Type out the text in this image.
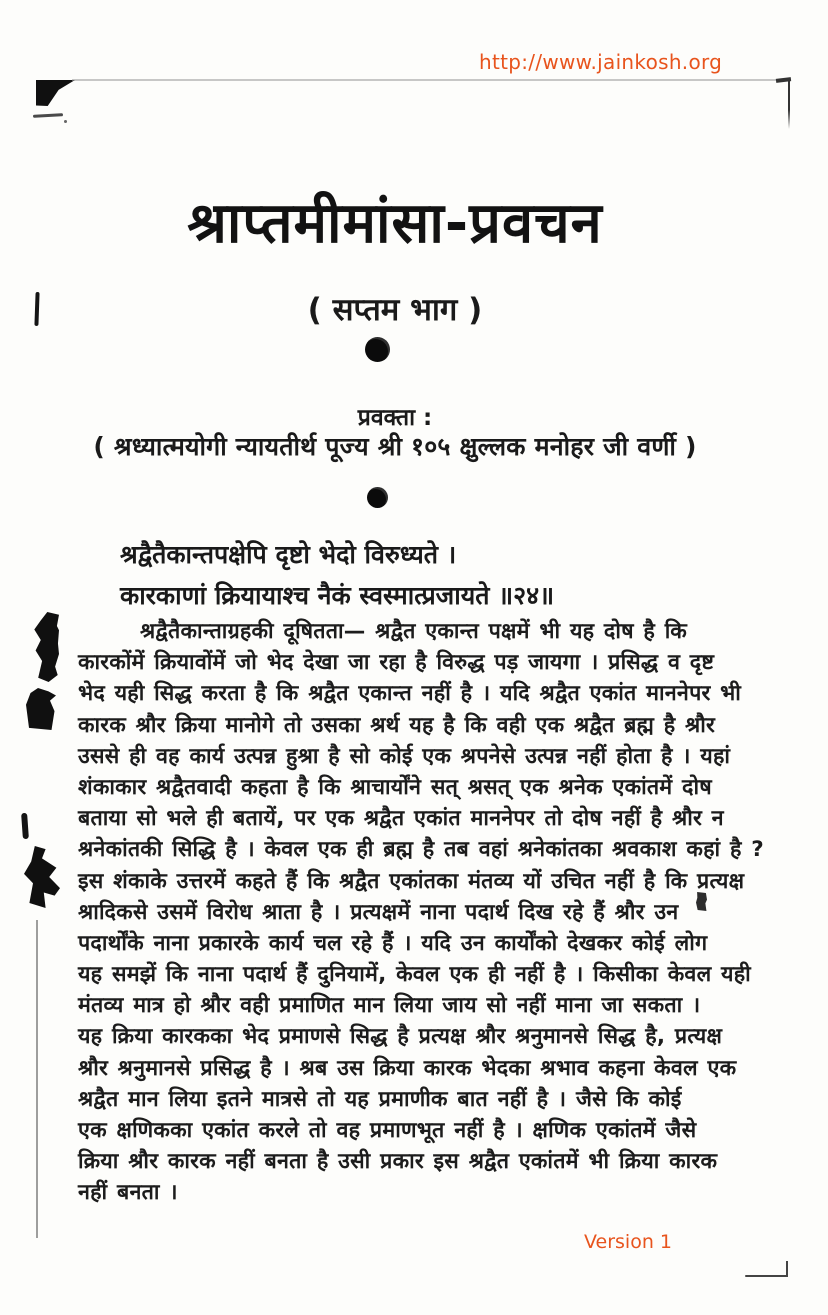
http://www.jainkosh.org
श्राप्तमीमांसा-प्रवचन
( सप्तम भाग )
प्रवक्ता :
( श्रध्यात्मयोगी न्यायतीर्थ पूज्य श्री १०५ क्षुल्लक मनोहर जी वर्णी )
श्रद्वैतैकान्तपक्षेपि दृष्टो भेदो विरुध्यते ।
कारकाणां क्रियायाश्च नैकं स्वस्मात्प्रजायते ॥२४॥
श्रद्वैतैकान्ताग्रहकी दूषितता— श्रद्वैत एकान्त पक्षमें भी यह दोष है कि
कारकोंमें क्रियावोंमें जो भेद देखा जा रहा है विरुद्ध पड़ जायगा । प्रसिद्ध व दृष्ट
भेद यही सिद्ध करता है कि श्रद्वैत एकान्त नहीं है । यदि श्रद्वैत एकांत माननेपर भी
कारक श्रौर क्रिया मानोगे तो उसका श्रर्थ यह है कि वही एक श्रद्वैत ब्रह्म है श्रौर
उससे ही वह कार्य उत्पन्न हुश्रा है सो कोई एक श्रपनेसे उत्पन्न नहीं होता है । यहां
शंकाकार श्रद्वैतवादी कहता है कि श्राचार्योंने सत् श्रसत् एक श्रनेक एकांतमें दोष
बताया सो भले ही बतायें, पर एक श्रद्वैत एकांत माननेपर तो दोष नहीं है श्रौर न
श्रनेकांतकी सिद्धि है । केवल एक ही ब्रह्म है तब वहां श्रनेकांतका श्रवकाश कहां है ?
इस शंकाके उत्तरमें कहते हैं कि श्रद्वैत एकांतका मंतव्य यों उचित नहीं है कि प्रत्यक्ष
श्रादिकसे उसमें विरोध श्राता है । प्रत्यक्षमें नाना पदार्थ दिख रहे हैं श्रौर उन
पदार्थोंके नाना प्रकारके कार्य चल रहे हैं । यदि उन कार्योंको देखकर कोई लोग
यह समझें कि नाना पदार्थ हैं दुनियामें, केवल एक ही नहीं है । किसीका केवल यही
मंतव्य मात्र हो श्रौर वही प्रमाणित मान लिया जाय सो नहीं माना जा सकता ।
यह क्रिया कारकका भेद प्रमाणसे सिद्ध है प्रत्यक्ष श्रौर श्रनुमानसे सिद्ध है, प्रत्यक्ष
श्रौर श्रनुमानसे प्रसिद्ध है । श्रब उस क्रिया कारक भेदका श्रभाव कहना केवल एक
श्रद्वैत मान लिया इतने मात्रसे तो यह प्रमाणीक बात नहीं है । जैसे कि कोई
एक क्षणिकका एकांत करले तो वह प्रमाणभूत नहीं है । क्षणिक एकांतमें जैसे
क्रिया श्रौर कारक नहीं बनता है उसी प्रकार इस श्रद्वैत एकांतमें भी क्रिया कारक
नहीं बनता ।
Version 1
